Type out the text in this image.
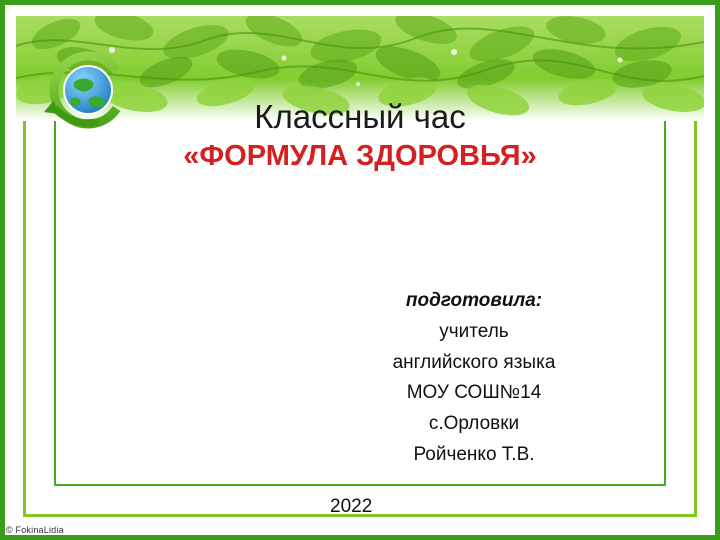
Классный час
«ФОРМУЛА ЗДОРОВЬЯ»
подготовила:
учитель
английского языка
МОУ СОШ№14
с.Орловки
Ройченко Т.В.
2022
© FokinaLidia
